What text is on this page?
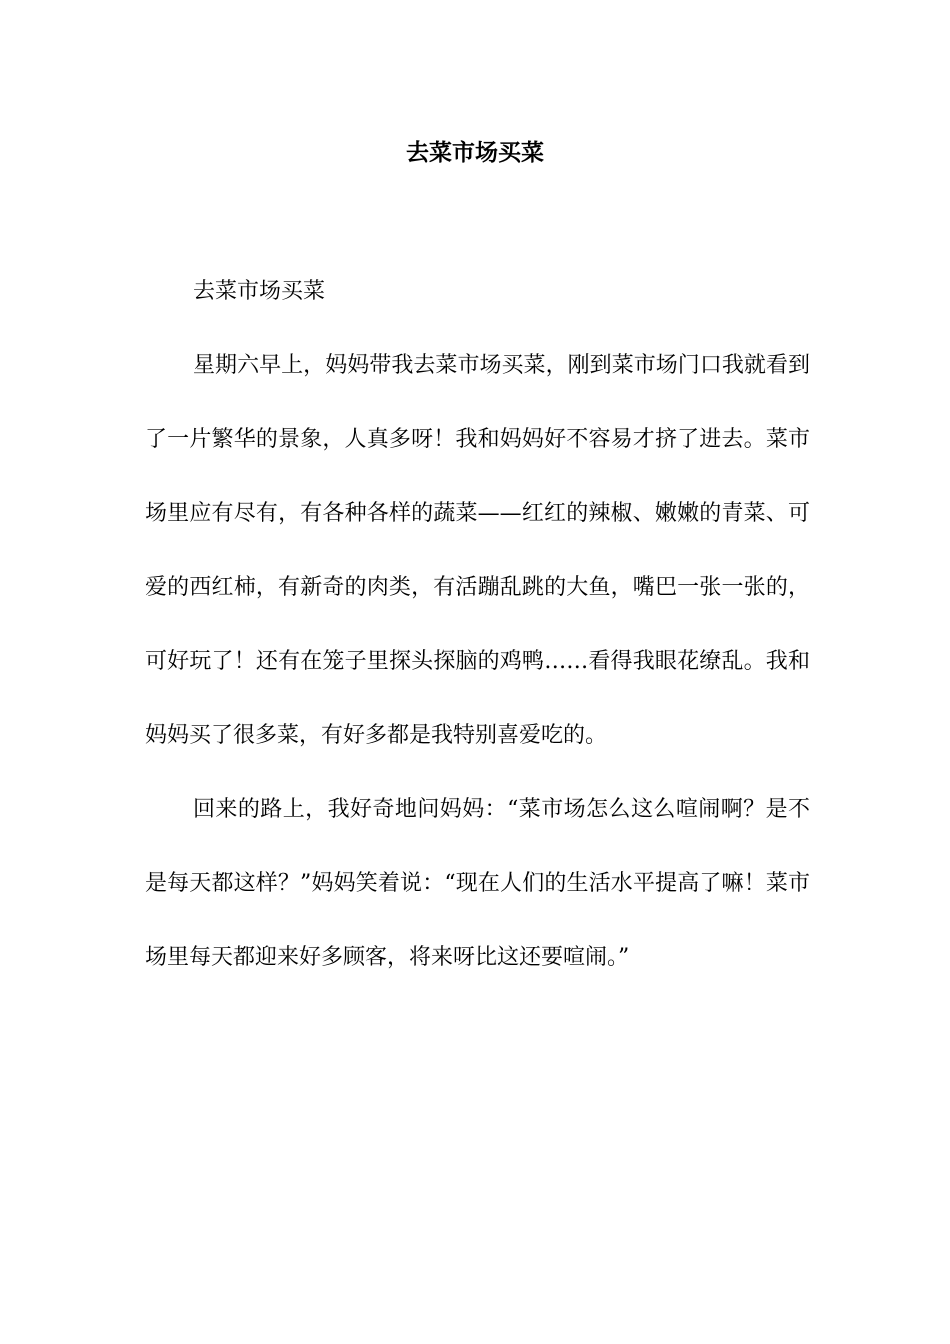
去菜市场买菜

去菜市场买菜

星期六早上，妈妈带我去菜市场买菜，刚到菜市场门口我就看到了一片繁华的景象，人真多呀！我和妈妈好不容易才挤了进去。菜市场里应有尽有，有各种各样的蔬菜——红红的辣椒、嫩嫩的青菜、可爱的西红柿，有新奇的肉类，有活蹦乱跳的大鱼，嘴巴一张一张的，可好玩了！还有在笼子里探头探脑的鸡鸭……看得我眼花缭乱。我和妈妈买了很多菜，有好多都是我特别喜爱吃的。

回来的路上，我好奇地问妈妈：“菜市场怎么这么喧闹啊？是不是每天都这样？”妈妈笑着说：“现在人们的生活水平提高了嘛！菜市场里每天都迎来好多顾客，将来呀比这还要喧闹。”
